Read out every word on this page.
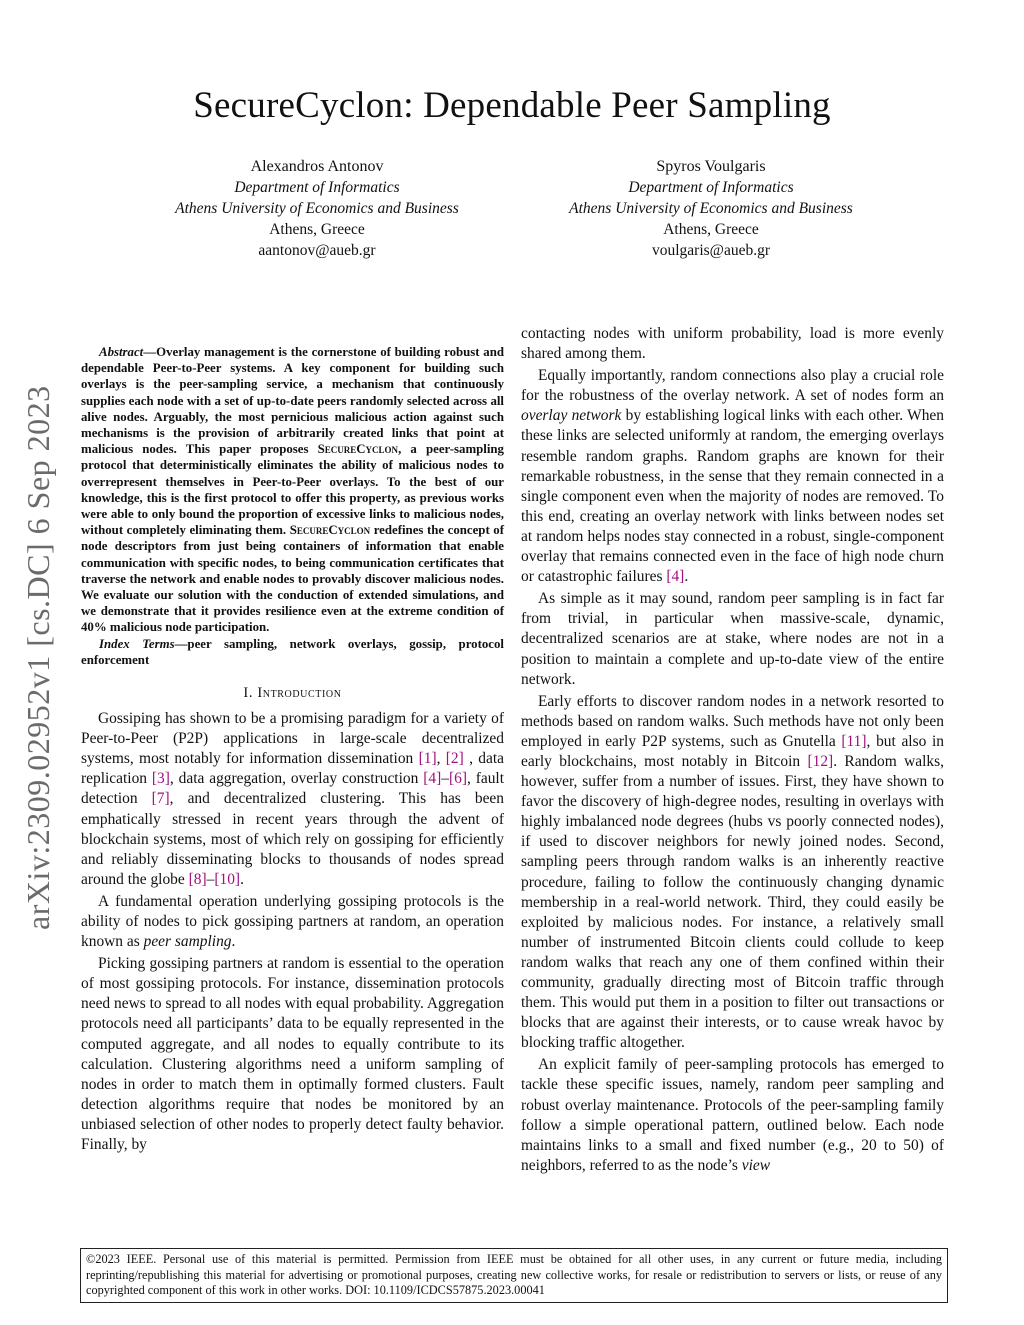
SecureCyclon: Dependable Peer Sampling
Alexandros Antonov
Department of Informatics
Athens University of Economics and Business
Athens, Greece
aantonov@aueb.gr
Spyros Voulgaris
Department of Informatics
Athens University of Economics and Business
Athens, Greece
voulgaris@aueb.gr
arXiv:2309.02952v1 [cs.DC] 6 Sep 2023

Abstract—Overlay management is the cornerstone of building robust and dependable Peer-to-Peer systems. A key component for building such overlays is the peer-sampling service, a mechanism that continuously supplies each node with a set of up-to-date peers randomly selected across all alive nodes. Arguably, the most pernicious malicious action against such mechanisms is the provision of arbitrarily created links that point at malicious nodes. This paper proposes SecureCyclon, a peer-sampling protocol that deterministically eliminates the ability of malicious nodes to overrepresent themselves in Peer-to-Peer overlays. To the best of our knowledge, this is the first protocol to offer this property, as previous works were able to only bound the proportion of excessive links to malicious nodes, without completely eliminating them. SecureCyclon redefines the concept of node descriptors from just being containers of information that enable communication with specific nodes, to being communication certificates that traverse the network and enable nodes to provably discover malicious nodes. We evaluate our solution with the conduction of extended simulations, and we demonstrate that it provides resilience even at the extreme condition of 40% malicious node participation.

Index Terms—peer sampling, network overlays, gossip, protocol enforcement

I. Introduction

Gossiping has shown to be a promising paradigm for a variety of Peer-to-Peer (P2P) applications in large-scale decentralized systems, most notably for information dissemination [1], [2] , data replication [3], data aggregation, overlay construction [4]–[6], fault detection [7], and decentralized clustering. This has been emphatically stressed in recent years through the advent of blockchain systems, most of which rely on gossiping for efficiently and reliably disseminating blocks to thousands of nodes spread around the globe [8]–[10].

A fundamental operation underlying gossiping protocols is the ability of nodes to pick gossiping partners at random, an operation known as peer sampling.

Picking gossiping partners at random is essential to the operation of most gossiping protocols. For instance, dissemination protocols need news to spread to all nodes with equal probability. Aggregation protocols need all participants’ data to be equally represented in the computed aggregate, and all nodes to equally contribute to its calculation. Clustering algorithms need a uniform sampling of nodes in order to match them in optimally formed clusters. Fault detection algorithms require that nodes be monitored by an unbiased selection of other nodes to properly detect faulty behavior. Finally, by

contacting nodes with uniform probability, load is more evenly shared among them.

Equally importantly, random connections also play a crucial role for the robustness of the overlay network. A set of nodes form an overlay network by establishing logical links with each other. When these links are selected uniformly at random, the emerging overlays resemble random graphs. Random graphs are known for their remarkable robustness, in the sense that they remain connected in a single component even when the majority of nodes are removed. To this end, creating an overlay network with links between nodes set at random helps nodes stay connected in a robust, single-component overlay that remains connected even in the face of high node churn or catastrophic failures [4].

As simple as it may sound, random peer sampling is in fact far from trivial, in particular when massive-scale, dynamic, decentralized scenarios are at stake, where nodes are not in a position to maintain a complete and up-to-date view of the entire network.

Early efforts to discover random nodes in a network resorted to methods based on random walks. Such methods have not only been employed in early P2P systems, such as Gnutella [11], but also in early blockchains, most notably in Bitcoin [12]. Random walks, however, suffer from a number of issues. First, they have shown to favor the discovery of high-degree nodes, resulting in overlays with highly imbalanced node degrees (hubs vs poorly connected nodes), if used to discover neighbors for newly joined nodes. Second, sampling peers through random walks is an inherently reactive procedure, failing to follow the continuously changing dynamic membership in a real-world network. Third, they could easily be exploited by malicious nodes. For instance, a relatively small number of instrumented Bitcoin clients could collude to keep random walks that reach any one of them confined within their community, gradually directing most of Bitcoin traffic through them. This would put them in a position to filter out transactions or blocks that are against their interests, or to cause wreak havoc by blocking traffic altogether.

An explicit family of peer-sampling protocols has emerged to tackle these specific issues, namely, random peer sampling and robust overlay maintenance. Protocols of the peer-sampling family follow a simple operational pattern, outlined below. Each node maintains links to a small and fixed number (e.g., 20 to 50) of neighbors, referred to as the node’s view

©2023 IEEE. Personal use of this material is permitted. Permission from IEEE must be obtained for all other uses, in any current or future media, including reprinting/republishing this material for advertising or promotional purposes, creating new collective works, for resale or redistribution to servers or lists, or reuse of any copyrighted component of this work in other works. DOI: 10.1109/ICDCS57875.2023.00041
